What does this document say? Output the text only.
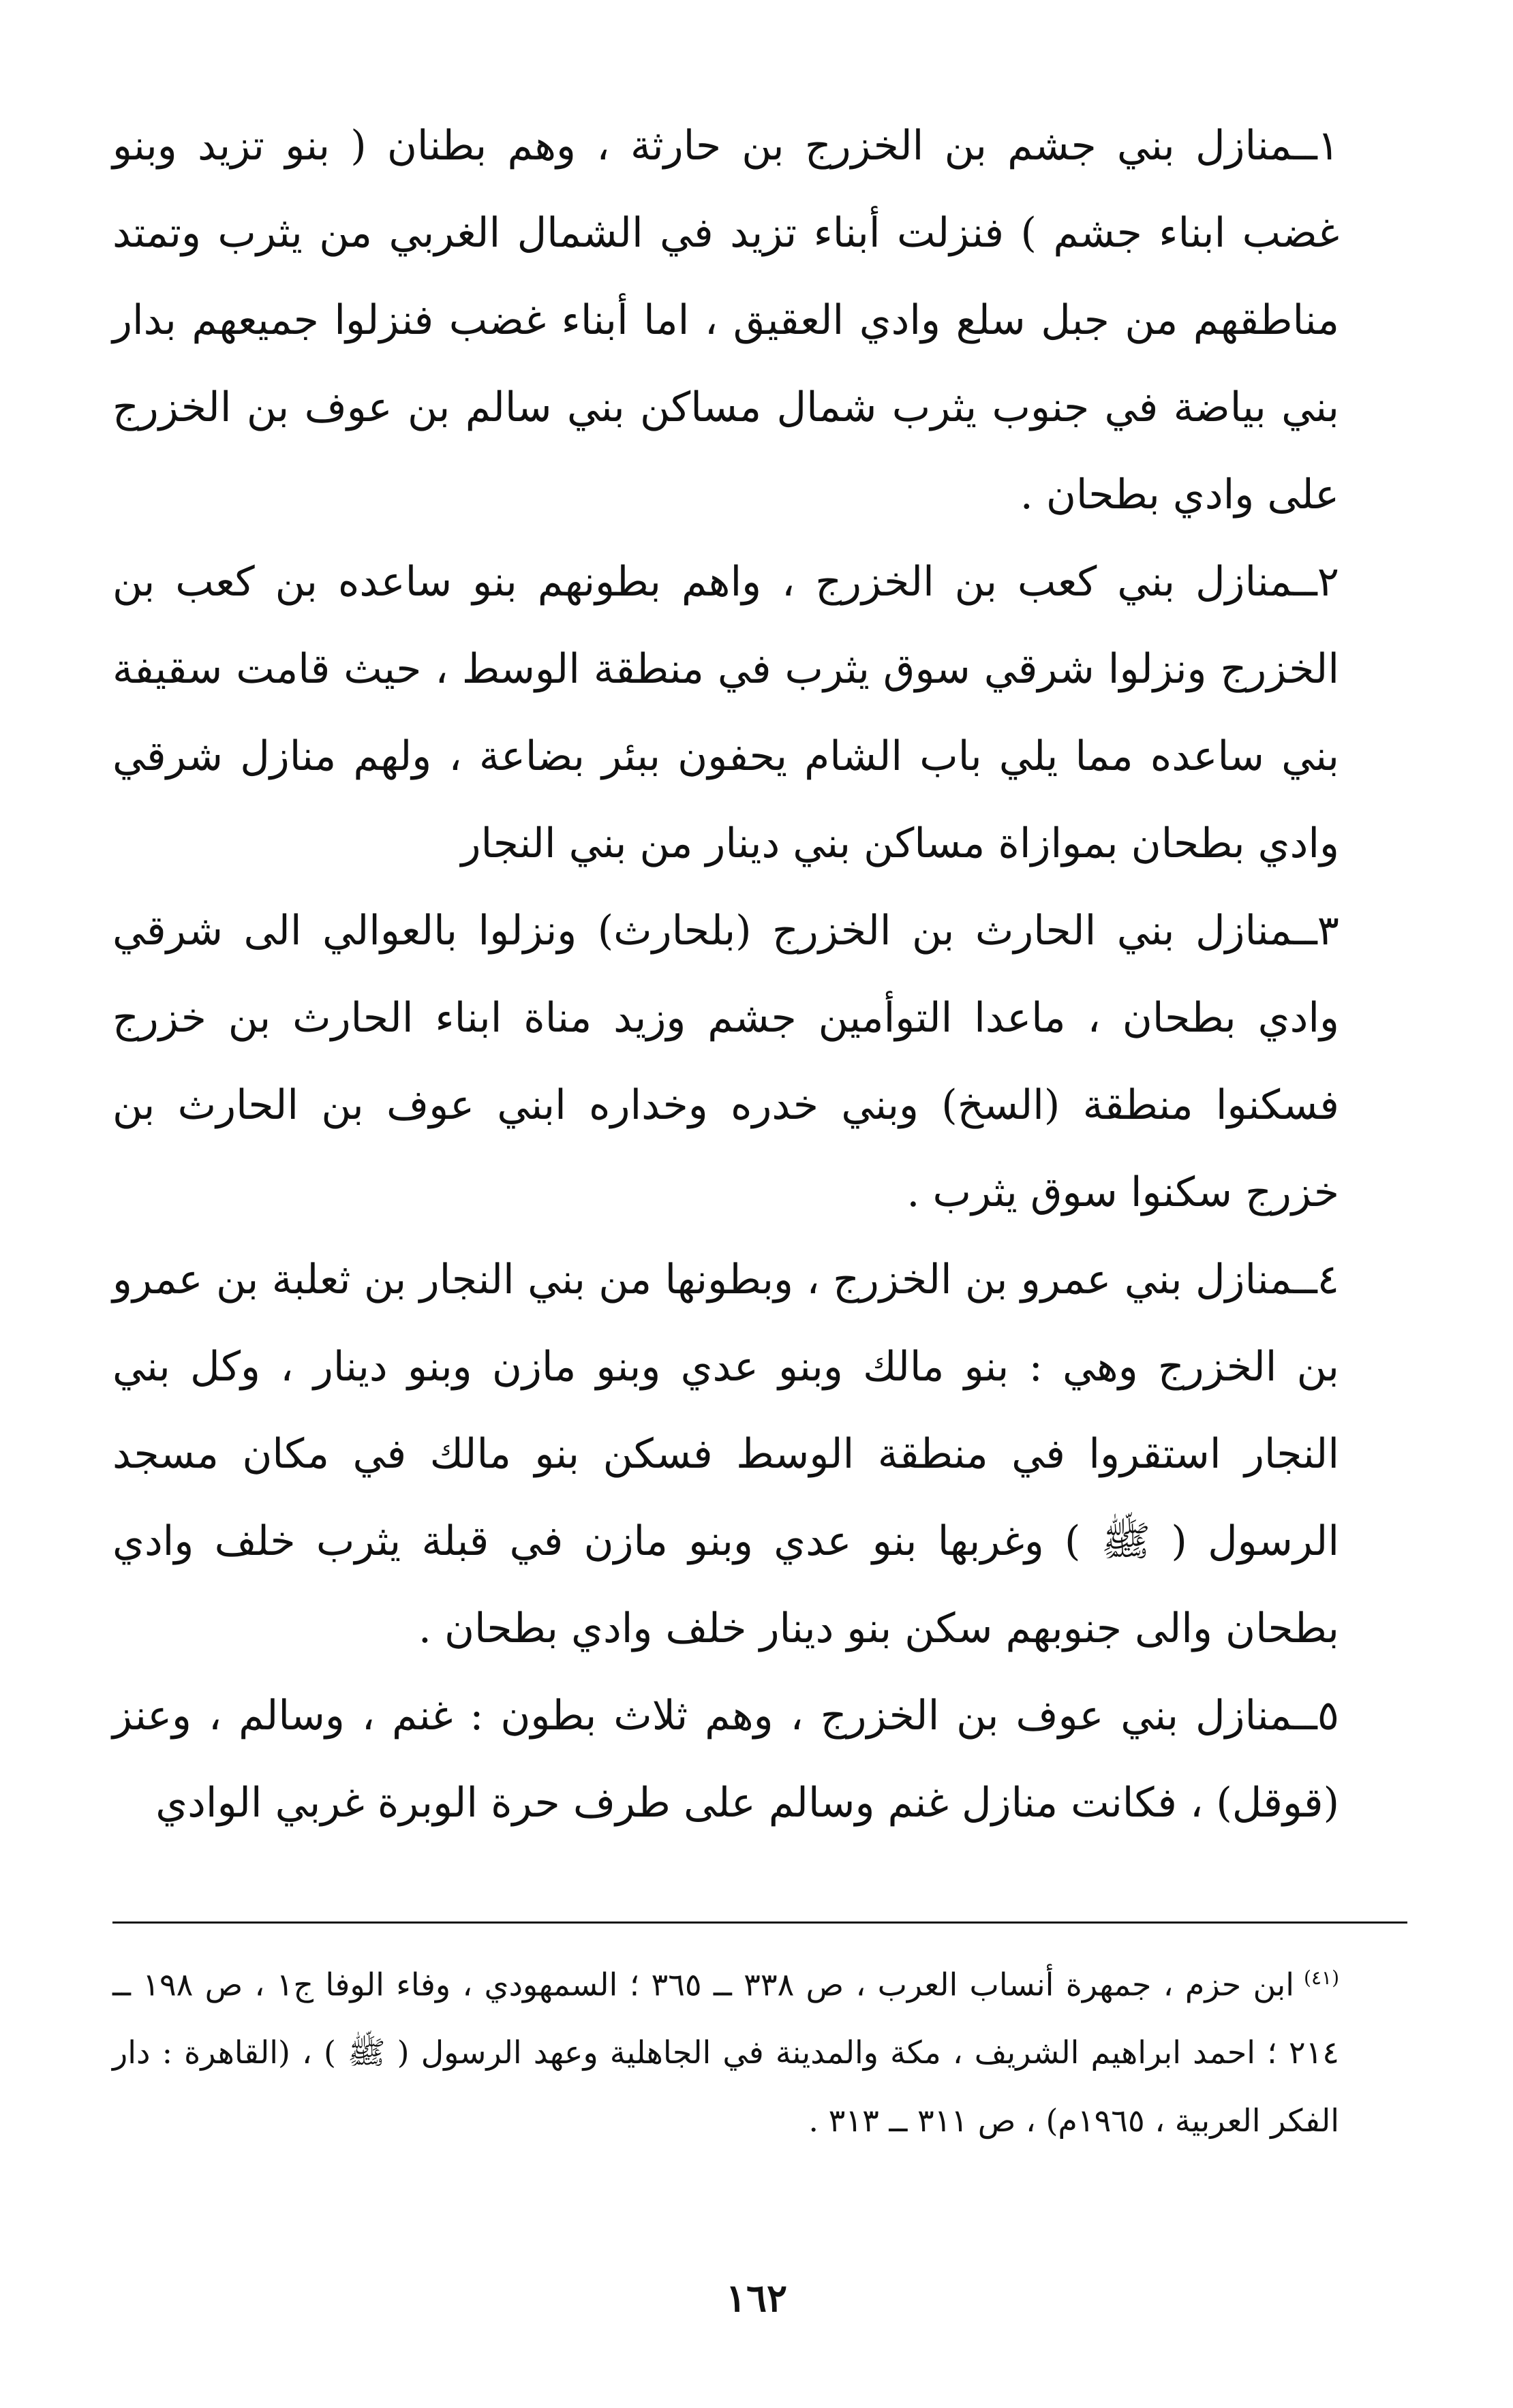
١ــمنازل بني جشم بن الخزرج بن حارثة ، وهم بطنان ( بنو تزيد وبنو غضب ابناء جشم ) فنزلت أبناء تزيد في الشمال الغربي من يثرب وتمتد مناطقهم من جبل سلع وادي العقيق ، اما أبناء غضب فنزلوا جميعهم بدار بني بياضة في جنوب يثرب شمال مساكن بني سالم بن عوف بن الخزرج على وادي بطحان .

٢ــمنازل بني كعب بن الخزرج ، واهم بطونهم بنو ساعده بن كعب بن الخزرج ونزلوا شرقي سوق يثرب في منطقة الوسط ، حيث قامت سقيفة بني ساعده مما يلي باب الشام يحفون ببئر بضاعة ، ولهم منازل شرقي وادي بطحان بموازاة مساكن بني دينار من بني النجار

٣ــمنازل بني الحارث بن الخزرج (بلحارث) ونزلوا بالعوالي الى شرقي وادي بطحان ، ماعدا التوأمين جشم وزيد مناة ابناء الحارث بن خزرج فسكنوا منطقة (السخ) وبني خدره وخداره ابني عوف بن الحارث بن خزرج سكنوا سوق يثرب .

٤ــمنازل بني عمرو بن الخزرج ، وبطونها من بني النجار بن ثعلبة بن عمرو بن الخزرج وهي : بنو مالك وبنو عدي وبنو مازن وبنو دينار ، وكل بني النجار استقروا في منطقة الوسط فسكن بنو مالك في مكان مسجد الرسول ( ﷺ ) وغربها بنو عدي وبنو مازن في قبلة يثرب خلف وادي بطحان والى جنوبهم سكن بنو دينار خلف وادي بطحان .

٥ــمنازل بني عوف بن الخزرج ، وهم ثلاث بطون : غنم ، وسالم ، وعنز (قوقل) ، فكانت منازل غنم وسالم على طرف حرة الوبرة غربي الوادي

$^{(٤١)}$ابن حزم ، جمهرة أنساب العرب ، ص ٣٣٨ ــ ٣٦٥ ؛ السمهودي ، وفاء الوفا ج١ ، ص ١٩٨ ــ ٢١٤ ؛ احمد ابراهيم الشريف ، مكة والمدينة في الجاهلية وعهد الرسول ( ﷺ ) ، (القاهرة : دار الفكر العربية ، ١٩٦٥م) ، ص ٣١١ ــ ٣١٣ .

١٦٢
